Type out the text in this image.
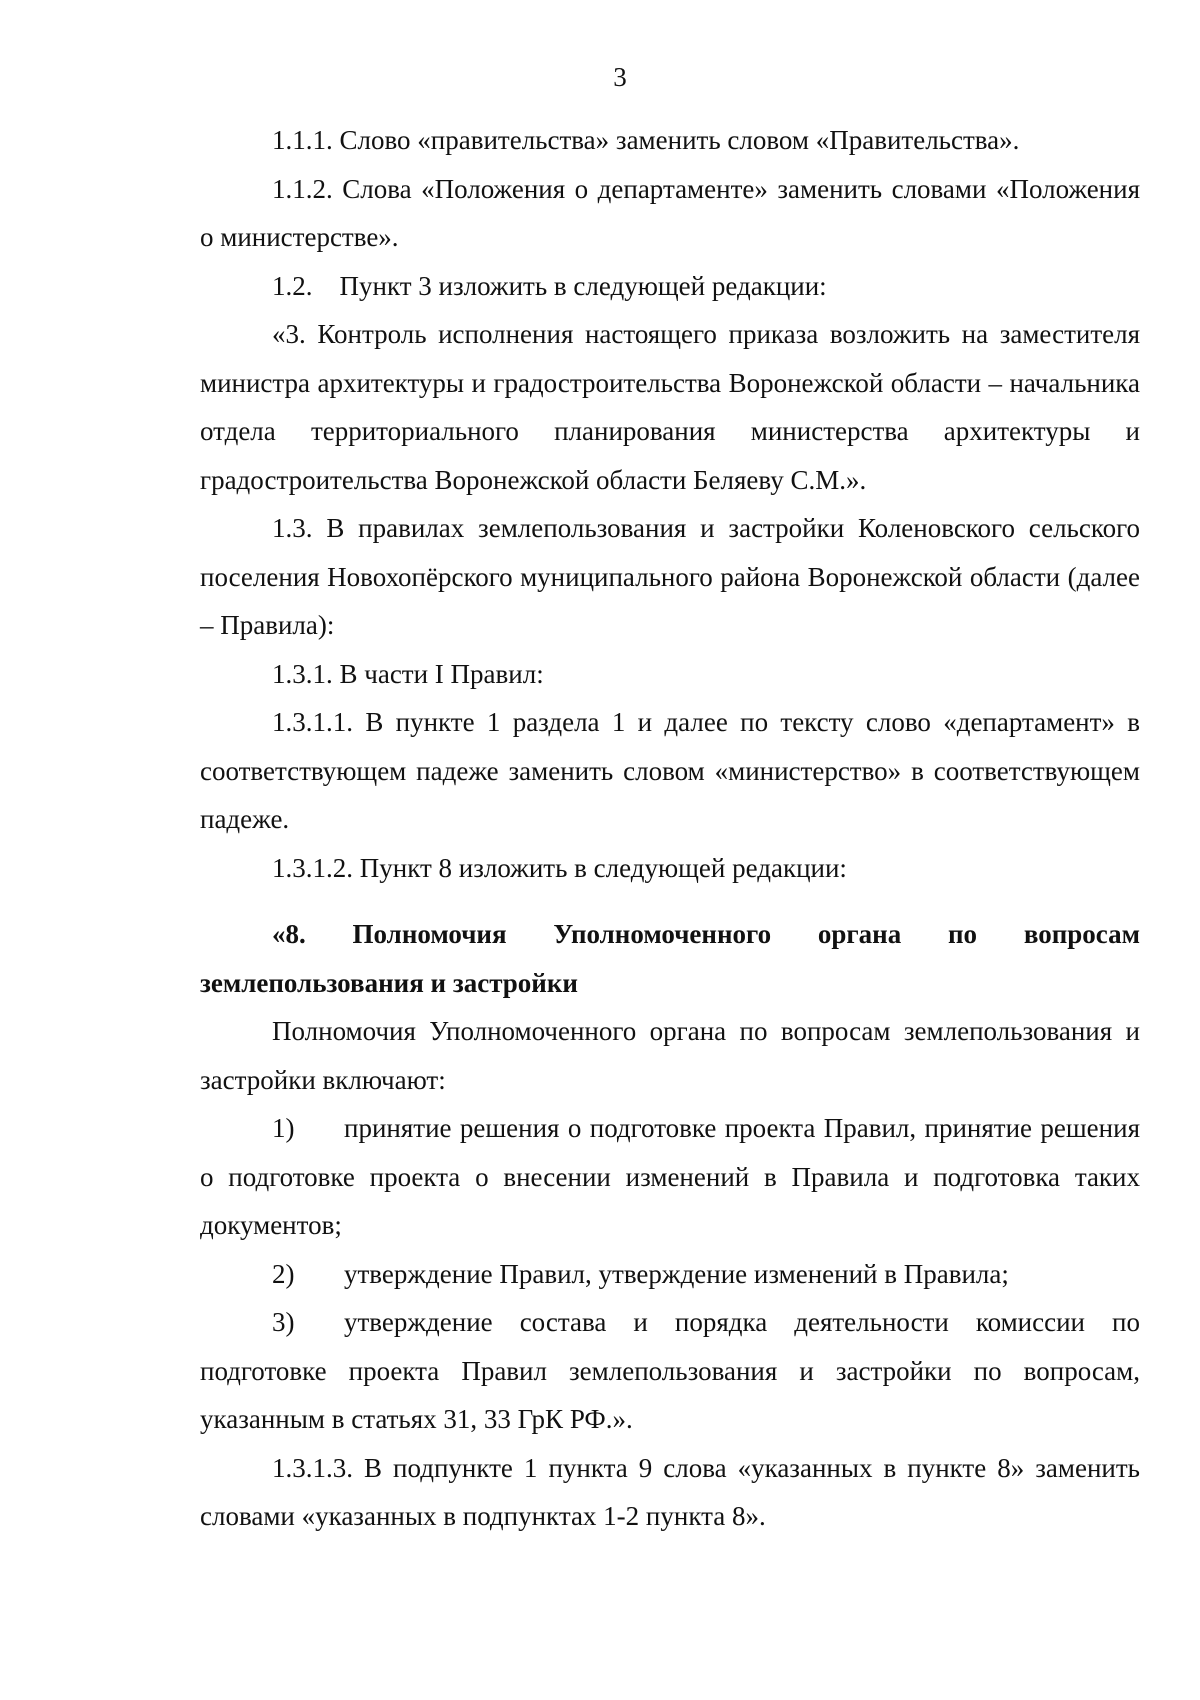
3

1.1.1. Слово «правительства» заменить словом «Правительства».

1.1.2. Слова «Положения о департаменте» заменить словами «Положения о министерстве».

1.2.    Пункт 3 изложить в следующей редакции:

«3. Контроль исполнения настоящего приказа возложить на заместителя министра архитектуры и градостроительства Воронежской области – начальника отдела территориального планирования министерства архитектуры и градостроительства Воронежской области Беляеву С.М.».

1.3. В правилах землепользования и застройки Коленовского сельского поселения Новохопёрского муниципального района Воронежской области (далее – Правила):

1.3.1. В части I Правил:

1.3.1.1. В пункте 1 раздела 1 и далее по тексту слово «департамент» в соответствующем падеже заменить словом «министерство» в соответствующем падеже.

1.3.1.2. Пункт 8 изложить в следующей редакции:

«8. Полномочия Уполномоченного органа по вопросам землепользования и застройки

Полномочия Уполномоченного органа по вопросам землепользования и застройки включают:

1) принятие решения о подготовке проекта Правил, принятие решения о подготовке проекта о внесении изменений в Правила и подготовка таких документов;

2) утверждение Правил, утверждение изменений в Правила;

3) утверждение состава и порядка деятельности комиссии по подготовке проекта Правил землепользования и застройки по вопросам, указанным в статьях 31, 33 ГрК РФ.».

1.3.1.3. В подпункте 1 пункта 9 слова «указанных в пункте 8» заменить словами «указанных в подпунктах 1-2 пункта 8».
